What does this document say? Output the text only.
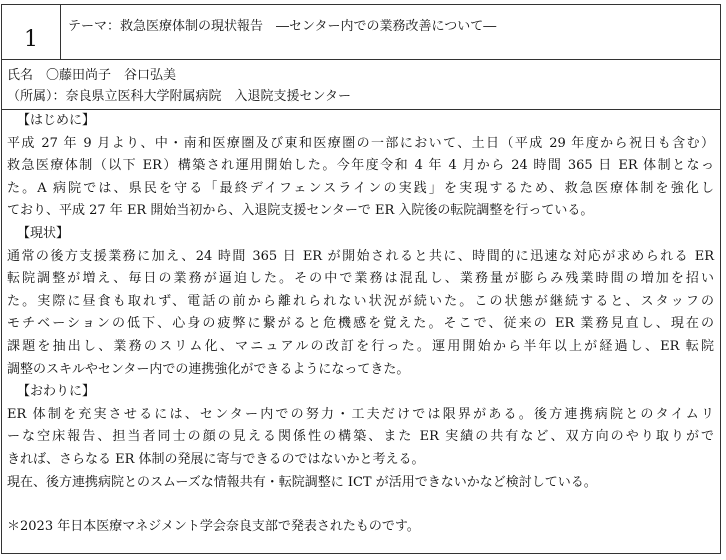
1	テーマ：救急医療体制の現状報告　―センター内での業務改善について―
氏名　〇藤田尚子　谷口弘美
（所属）：奈良県立医科大学附属病院　入退院支援センター
【はじめに】
平成 27 年 9 月より、中・南和医療圏及び東和医療圏の一部において、土日（平成 29 年度から祝日も含む）
救急医療体制（以下 ER）構築され運用開始した。今年度令和 4 年 4 月から 24 時間 365 日 ER 体制となっ
た。A 病院では、県民を守る「最終デイフェンスラインの実践」を実現するため、救急医療体制を強化し
ており、平成 27 年 ER 開始当初から、入退院支援センターで ER 入院後の転院調整を行っている。
【現状】
通常の後方支援業務に加え、24 時間 365 日 ER が開始されると共に、時間的に迅速な対応が求められる ER
転院調整が増え、毎日の業務が逼迫した。その中で業務は混乱し、業務量が膨らみ残業時間の増加を招い
た。実際に昼食も取れず、電話の前から離れられない状況が続いた。この状態が継続すると、スタッフの
モチベーションの低下、心身の疲弊に繋がると危機感を覚えた。そこで、従来の ER 業務見直し、現在の
課題を抽出し、業務のスリム化、マニュアルの改訂を行った。運用開始から半年以上が経過し、ER 転院
調整のスキルやセンター内での連携強化ができるようになってきた。
【おわりに】
ER 体制を充実させるには、センター内での努力・工夫だけでは限界がある。後方連携病院とのタイムリ
ーな空床報告、担当者同士の顔の見える関係性の構築、また ER 実績の共有など、双方向のやり取りがで
きれば、さらなる ER 体制の発展に寄与できるのではないかと考える。
現在、後方連携病院とのスムーズな情報共有・転院調整に ICT が活用できないかなど検討している。
＊2023 年日本医療マネジメント学会奈良支部で発表されたものです。
